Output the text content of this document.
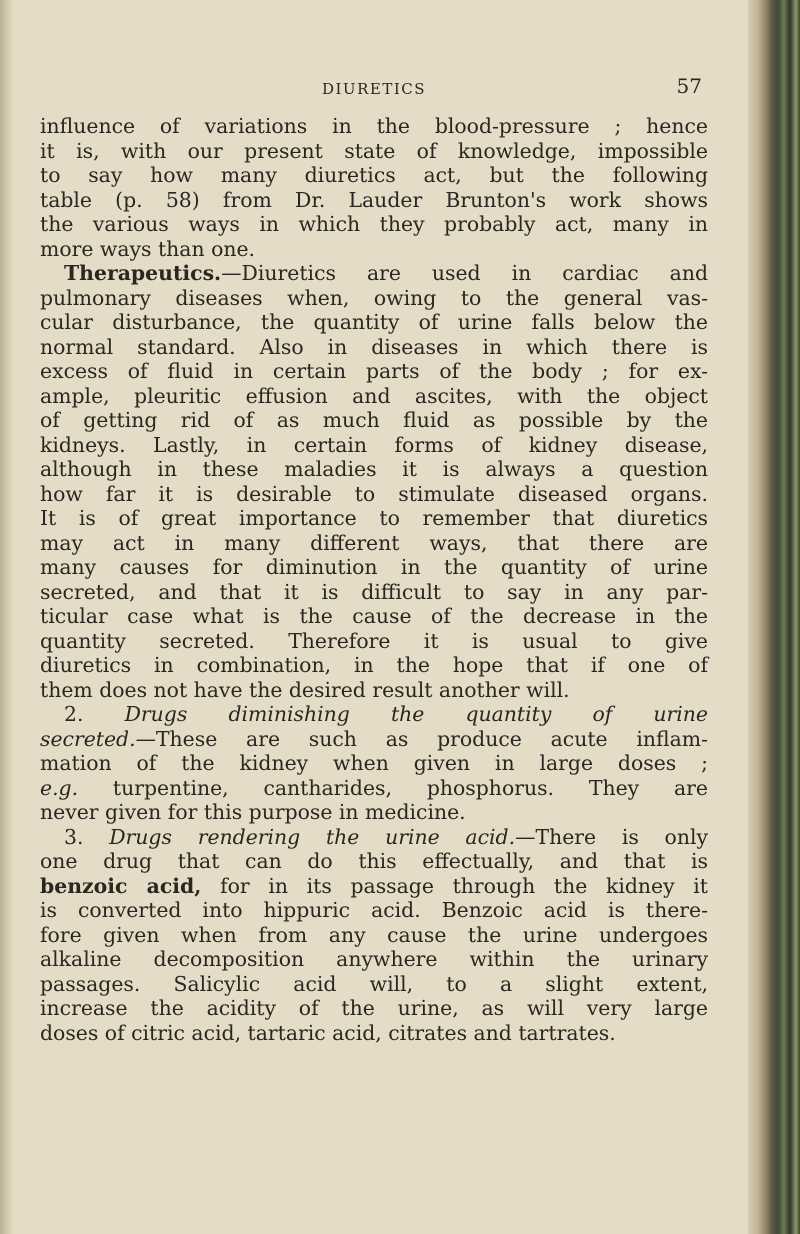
DIURETICS	57
influence of variations in the blood-pressure ; hence
it is, with our present state of knowledge, impossible
to say how many diuretics act, but the following
table (p. 58) from Dr. Lauder Brunton's work shows
the various ways in which they probably act, many in
more ways than one.
Therapeutics.—Diuretics are used in cardiac and
pulmonary diseases when, owing to the general vas-
cular disturbance, the quantity of urine falls below the
normal standard. Also in diseases in which there is
excess of fluid in certain parts of the body ; for ex-
ample, pleuritic effusion and ascites, with the object
of getting rid of as much fluid as possible by the
kidneys. Lastly, in certain forms of kidney disease,
although in these maladies it is always a question
how far it is desirable to stimulate diseased organs.
It is of great importance to remember that diuretics
may act in many different ways, that there are
many causes for diminution in the quantity of urine
secreted, and that it is difficult to say in any par-
ticular case what is the cause of the decrease in the
quantity secreted. Therefore it is usual to give
diuretics in combination, in the hope that if one of
them does not have the desired result another will.
2. Drugs diminishing the quantity of urine
secreted.—These are such as produce acute inflam-
mation of the kidney when given in large doses ;
e.g. turpentine, cantharides, phosphorus. They are
never given for this purpose in medicine.
3. Drugs rendering the urine acid.—There is only
one drug that can do this effectually, and that is
benzoic acid, for in its passage through the kidney it
is converted into hippuric acid. Benzoic acid is there-
fore given when from any cause the urine undergoes
alkaline decomposition anywhere within the urinary
passages. Salicylic acid will, to a slight extent,
increase the acidity of the urine, as will very large
doses of citric acid, tartaric acid, citrates and tartrates.
